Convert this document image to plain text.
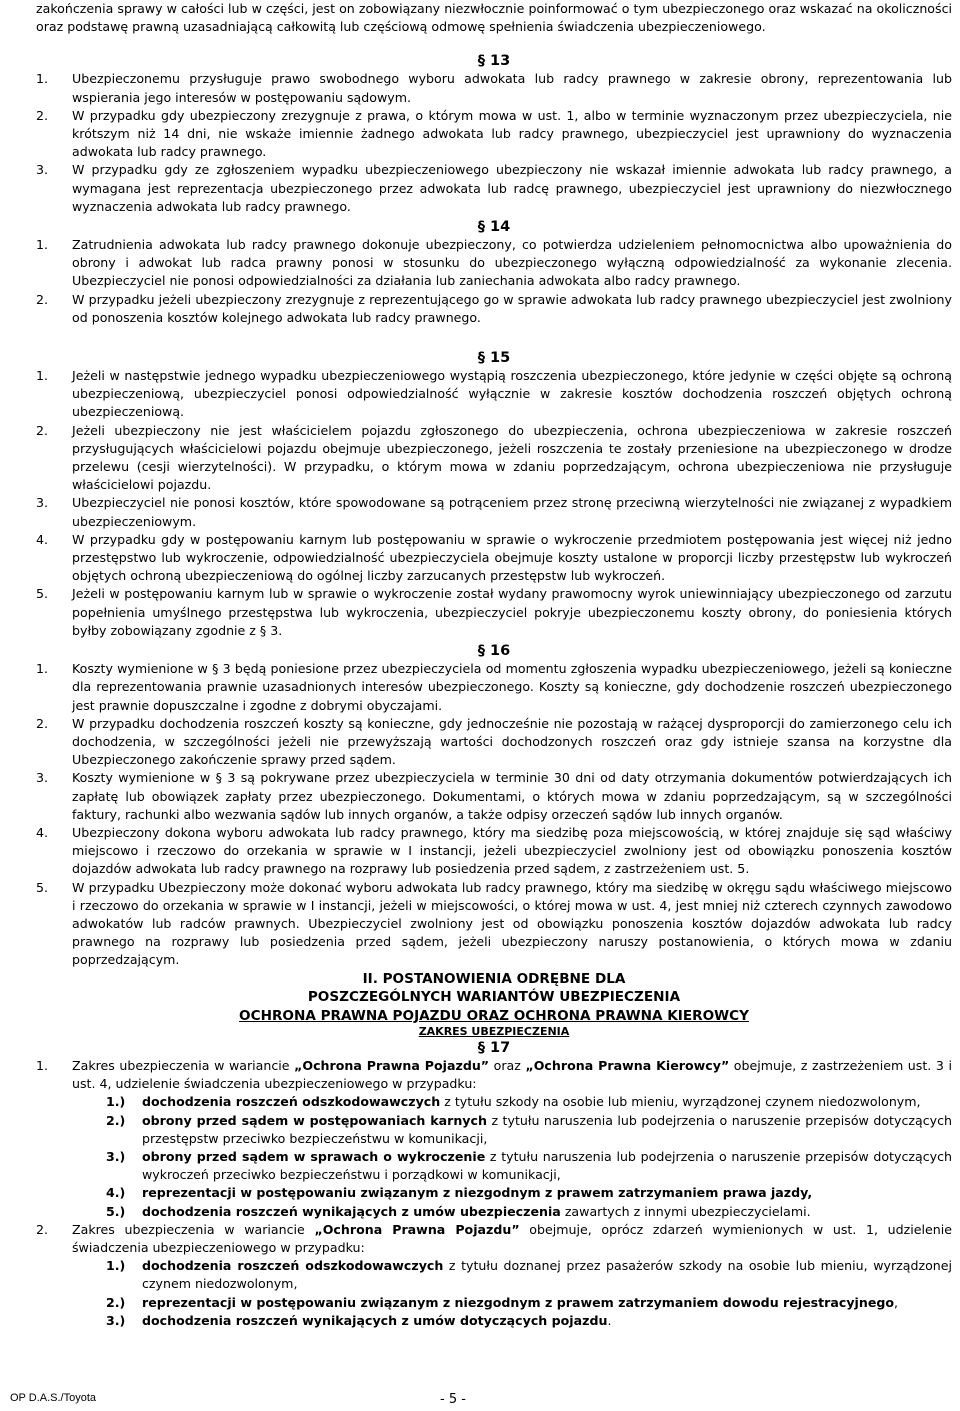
zakończenia sprawy w całości lub w części, jest on zobowiązany niezwłocznie poinformować o tym ubezpieczonego oraz wskazać na okoliczności oraz podstawę prawną uzasadniającą całkowitą lub częściową odmowę spełnienia świadczenia ubezpieczeniowego.

§ 13

1. Ubezpieczonemu przysługuje prawo swobodnego wyboru adwokata lub radcy prawnego w zakresie obrony, reprezentowania lub wspierania jego interesów w postępowaniu sądowym.
2. W przypadku gdy ubezpieczony zrezygnuje z prawa, o którym mowa w ust. 1, albo w terminie wyznaczonym przez ubezpieczyciela, nie krótszym niż 14 dni, nie wskaże imiennie żadnego adwokata lub radcy prawnego, ubezpieczyciel jest uprawniony do wyznaczenia adwokata lub radcy prawnego.
3. W przypadku gdy ze zgłoszeniem wypadku ubezpieczeniowego ubezpieczony nie wskazał imiennie adwokata lub radcy prawnego, a wymagana jest reprezentacja ubezpieczonego przez adwokata lub radcę prawnego, ubezpieczyciel jest uprawniony do niezwłocznego wyznaczenia adwokata lub radcy prawnego.

§ 14

1. Zatrudnienia adwokata lub radcy prawnego dokonuje ubezpieczony, co potwierdza udzieleniem pełnomocnictwa albo upoważnienia do obrony i adwokat lub radca prawny ponosi w stosunku do ubezpieczonego wyłączną odpowiedzialność za wykonanie zlecenia. Ubezpieczyciel nie ponosi odpowiedzialności za działania lub zaniechania adwokata albo radcy prawnego.
2. W przypadku jeżeli ubezpieczony zrezygnuje z reprezentującego go w sprawie adwokata lub radcy prawnego ubezpieczyciel jest zwolniony od ponoszenia kosztów kolejnego adwokata lub radcy prawnego.

§ 15

1. Jeżeli w następstwie jednego wypadku ubezpieczeniowego wystąpią roszczenia ubezpieczonego, które jedynie w części objęte są ochroną ubezpieczeniową, ubezpieczyciel ponosi odpowiedzialność wyłącznie w zakresie kosztów dochodzenia roszczeń objętych ochroną ubezpieczeniową.
2. Jeżeli ubezpieczony nie jest właścicielem pojazdu zgłoszonego do ubezpieczenia, ochrona ubezpieczeniowa w zakresie roszczeń przysługujących właścicielowi pojazdu obejmuje ubezpieczonego, jeżeli roszczenia te zostały przeniesione na ubezpieczonego w drodze przelewu (cesji wierzytelności). W przypadku, o którym mowa w zdaniu poprzedzającym, ochrona ubezpieczeniowa nie przysługuje właścicielowi pojazdu.
3. Ubezpieczyciel nie ponosi kosztów, które spowodowane są potrąceniem przez stronę przeciwną wierzytelności nie związanej z wypadkiem ubezpieczeniowym.
4. W przypadku gdy w postępowaniu karnym lub postępowaniu w sprawie o wykroczenie przedmiotem postępowania jest więcej niż jedno przestępstwo lub wykroczenie, odpowiedzialność ubezpieczyciela obejmuje koszty ustalone w proporcji liczby przestępstw lub wykroczeń objętych ochroną ubezpieczeniową do ogólnej liczby zarzucanych przestępstw lub wykroczeń.
5. Jeżeli w postępowaniu karnym lub w sprawie o wykroczenie został wydany prawomocny wyrok uniewinniający ubezpieczonego od zarzutu popełnienia umyślnego przestępstwa lub wykroczenia, ubezpieczyciel pokryje ubezpieczonemu koszty obrony, do poniesienia których byłby zobowiązany zgodnie z § 3.

§ 16

1. Koszty wymienione w § 3 będą poniesione przez ubezpieczyciela od momentu zgłoszenia wypadku ubezpieczeniowego, jeżeli są konieczne dla reprezentowania prawnie uzasadnionych interesów ubezpieczonego. Koszty są konieczne, gdy dochodzenie roszczeń ubezpieczonego jest prawnie dopuszczalne i zgodne z dobrymi obyczajami.
2. W przypadku dochodzenia roszczeń koszty są konieczne, gdy jednocześnie nie pozostają w rażącej dysproporcji do zamierzonego celu ich dochodzenia, w szczególności jeżeli nie przewyższają wartości dochodzonych roszczeń oraz gdy istnieje szansa na korzystne dla Ubezpieczonego zakończenie sprawy przed sądem.
3. Koszty wymienione w § 3 są pokrywane przez ubezpieczyciela w terminie 30 dni od daty otrzymania dokumentów potwierdzających ich zapłatę lub obowiązek zapłaty przez ubezpieczonego. Dokumentami, o których mowa w zdaniu poprzedzającym, są w szczególności faktury, rachunki albo wezwania sądów lub innych organów, a także odpisy orzeczeń sądów lub innych organów.
4. Ubezpieczony dokona wyboru adwokata lub radcy prawnego, który ma siedzibę poza miejscowością, w której znajduje się sąd właściwy miejscowo i rzeczowo do orzekania w sprawie w I instancji, jeżeli ubezpieczyciel zwolniony jest od obowiązku ponoszenia kosztów dojazdów adwokata lub radcy prawnego na rozprawy lub posiedzenia przed sądem, z zastrzeżeniem ust. 5.
5. W przypadku Ubezpieczony może dokonać wyboru adwokata lub radcy prawnego, który ma siedzibę w okręgu sądu właściwego miejscowo i rzeczowo do orzekania w sprawie w I instancji, jeżeli w miejscowości, o której mowa w ust. 4, jest mniej niż czterech czynnych zawodowo adwokatów lub radców prawnych. Ubezpieczyciel zwolniony jest od obowiązku ponoszenia kosztów dojazdów adwokata lub radcy prawnego na rozprawy lub posiedzenia przed sądem, jeżeli ubezpieczony naruszy postanowienia, o których mowa w zdaniu poprzedzającym.

II. POSTANOWIENIA ODRĘBNE DLA
POSZCZEGÓLNYCH WARIANTÓW UBEZPIECZENIA

OCHRONA PRAWNA POJAZDU ORAZ OCHRONA PRAWNA KIEROWCY

ZAKRES UBEZPIECZENIA

§ 17

1. Zakres ubezpieczenia w wariancie „Ochrona Prawna Pojazdu” oraz „Ochrona Prawna Kierowcy” obejmuje, z zastrzeżeniem ust. 3 i ust. 4, udzielenie świadczenia ubezpieczeniowego w przypadku:
1.) dochodzenia roszczeń odszkodowawczych z tytułu szkody na osobie lub mieniu, wyrządzonej czynem niedozwolonym,
2.) obrony przed sądem w postępowaniach karnych z tytułu naruszenia lub podejrzenia o naruszenie przepisów dotyczących przestępstw przeciwko bezpieczeństwu w komunikacji,
3.) obrony przed sądem w sprawach o wykroczenie z tytułu naruszenia lub podejrzenia o naruszenie przepisów dotyczących wykroczeń przeciwko bezpieczeństwu i porządkowi w komunikacji,
4.) reprezentacji w postępowaniu związanym z niezgodnym z prawem zatrzymaniem prawa jazdy,
5.) dochodzenia roszczeń wynikających z umów ubezpieczenia zawartych z innymi ubezpieczycielami.
2. Zakres ubezpieczenia w wariancie „Ochrona Prawna Pojazdu” obejmuje, oprócz zdarzeń wymienionych w ust. 1, udzielenie świadczenia ubezpieczeniowego w przypadku:
1.) dochodzenia roszczeń odszkodowawczych z tytułu doznanej przez pasażerów szkody na osobie lub mieniu, wyrządzonej czynem niedozwolonym,
2.) reprezentacji w postępowaniu związanym z niezgodnym z prawem zatrzymaniem dowodu rejestracyjnego,
3.) dochodzenia roszczeń wynikających z umów dotyczących pojazdu.
OP D.A.S./Toyota	- 5 -
